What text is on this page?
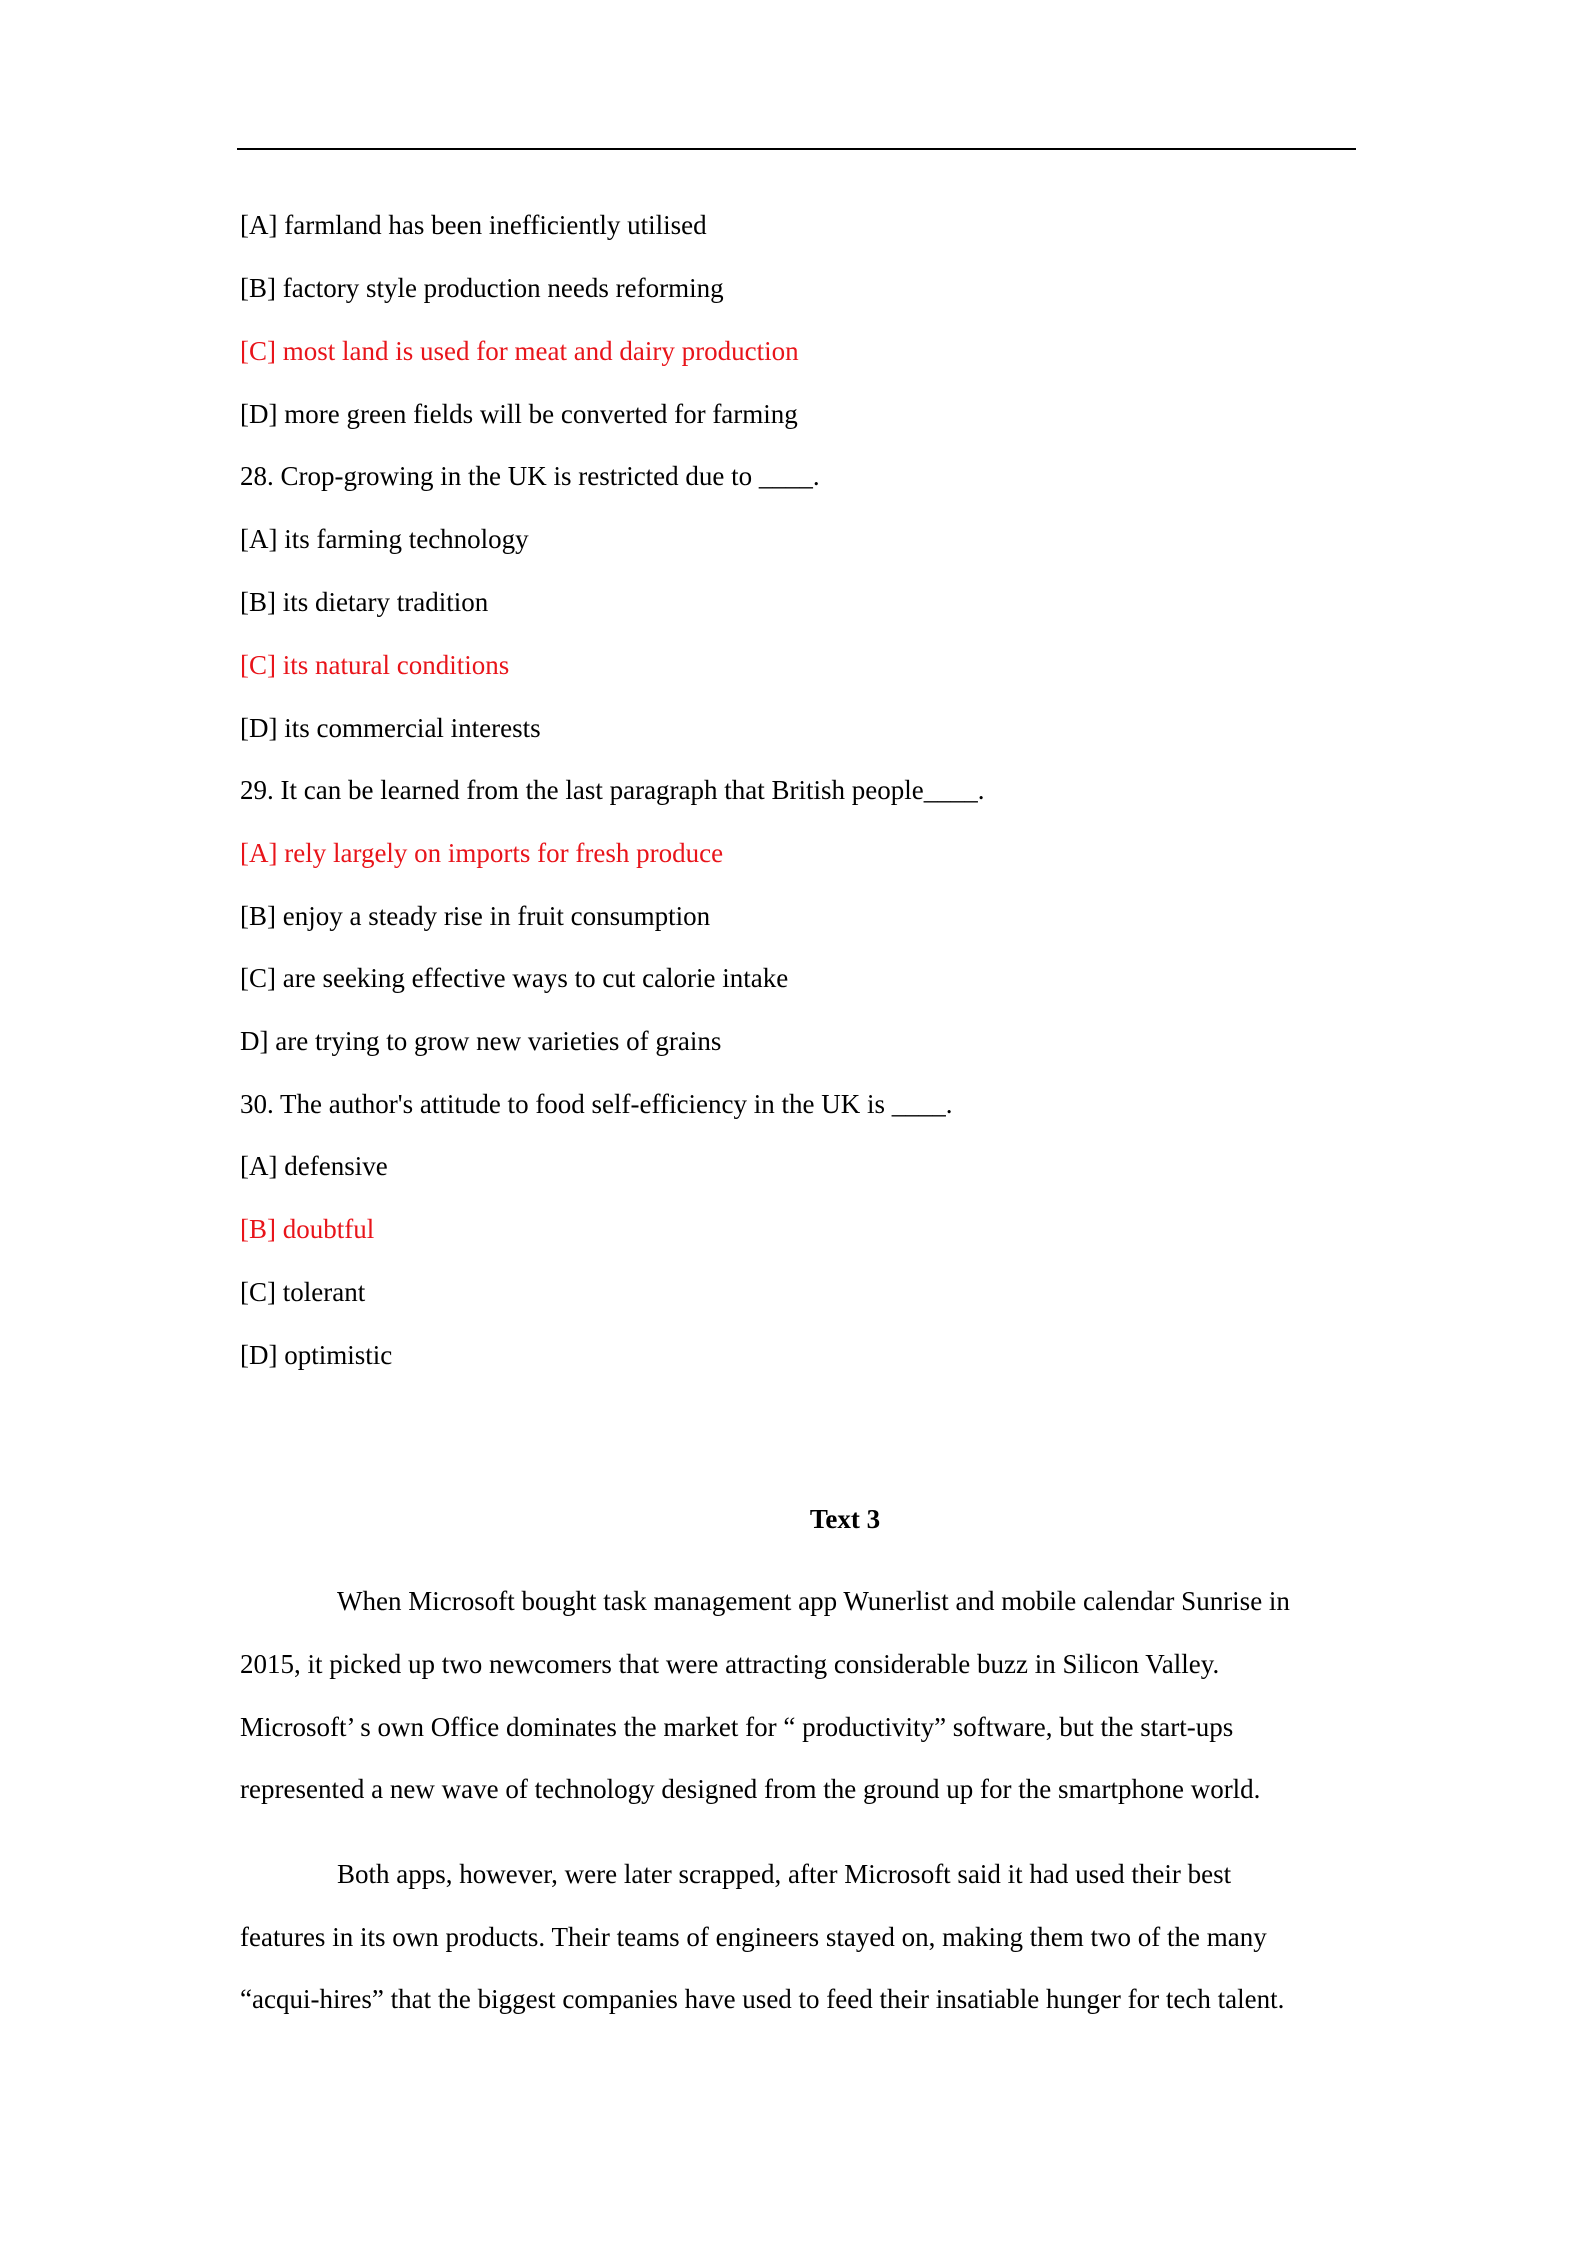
[A] farmland has been inefficiently utilised
[B] factory style production needs reforming
[C] most land is used for meat and dairy production
[D] more green fields will be converted for farming
28. Crop-growing in the UK is restricted due to ____.
[A] its farming technology
[B] its dietary tradition
[C] its natural conditions
[D] its commercial interests
29. It can be learned from the last paragraph that British people____.
[A] rely largely on imports for fresh produce
[B] enjoy a steady rise in fruit consumption
[C] are seeking effective ways to cut calorie intake
D] are trying to grow new varieties of grains
30. The author's attitude to food self-efficiency in the UK is ____.
[A] defensive
[B] doubtful
[C] tolerant
[D] optimistic
Text 3
When Microsoft bought task management app Wunerlist and mobile calendar Sunrise in
2015, it picked up two newcomers that were attracting considerable buzz in Silicon Valley.
Microsoft’ s own Office dominates the market for “ productivity” software, but the start-ups
represented a new wave of technology designed from the ground up for the smartphone world.
Both apps, however, were later scrapped, after Microsoft said it had used their best
features in its own products. Their teams of engineers stayed on, making them two of the many
“acqui-hires” that the biggest companies have used to feed their insatiable hunger for tech talent.
